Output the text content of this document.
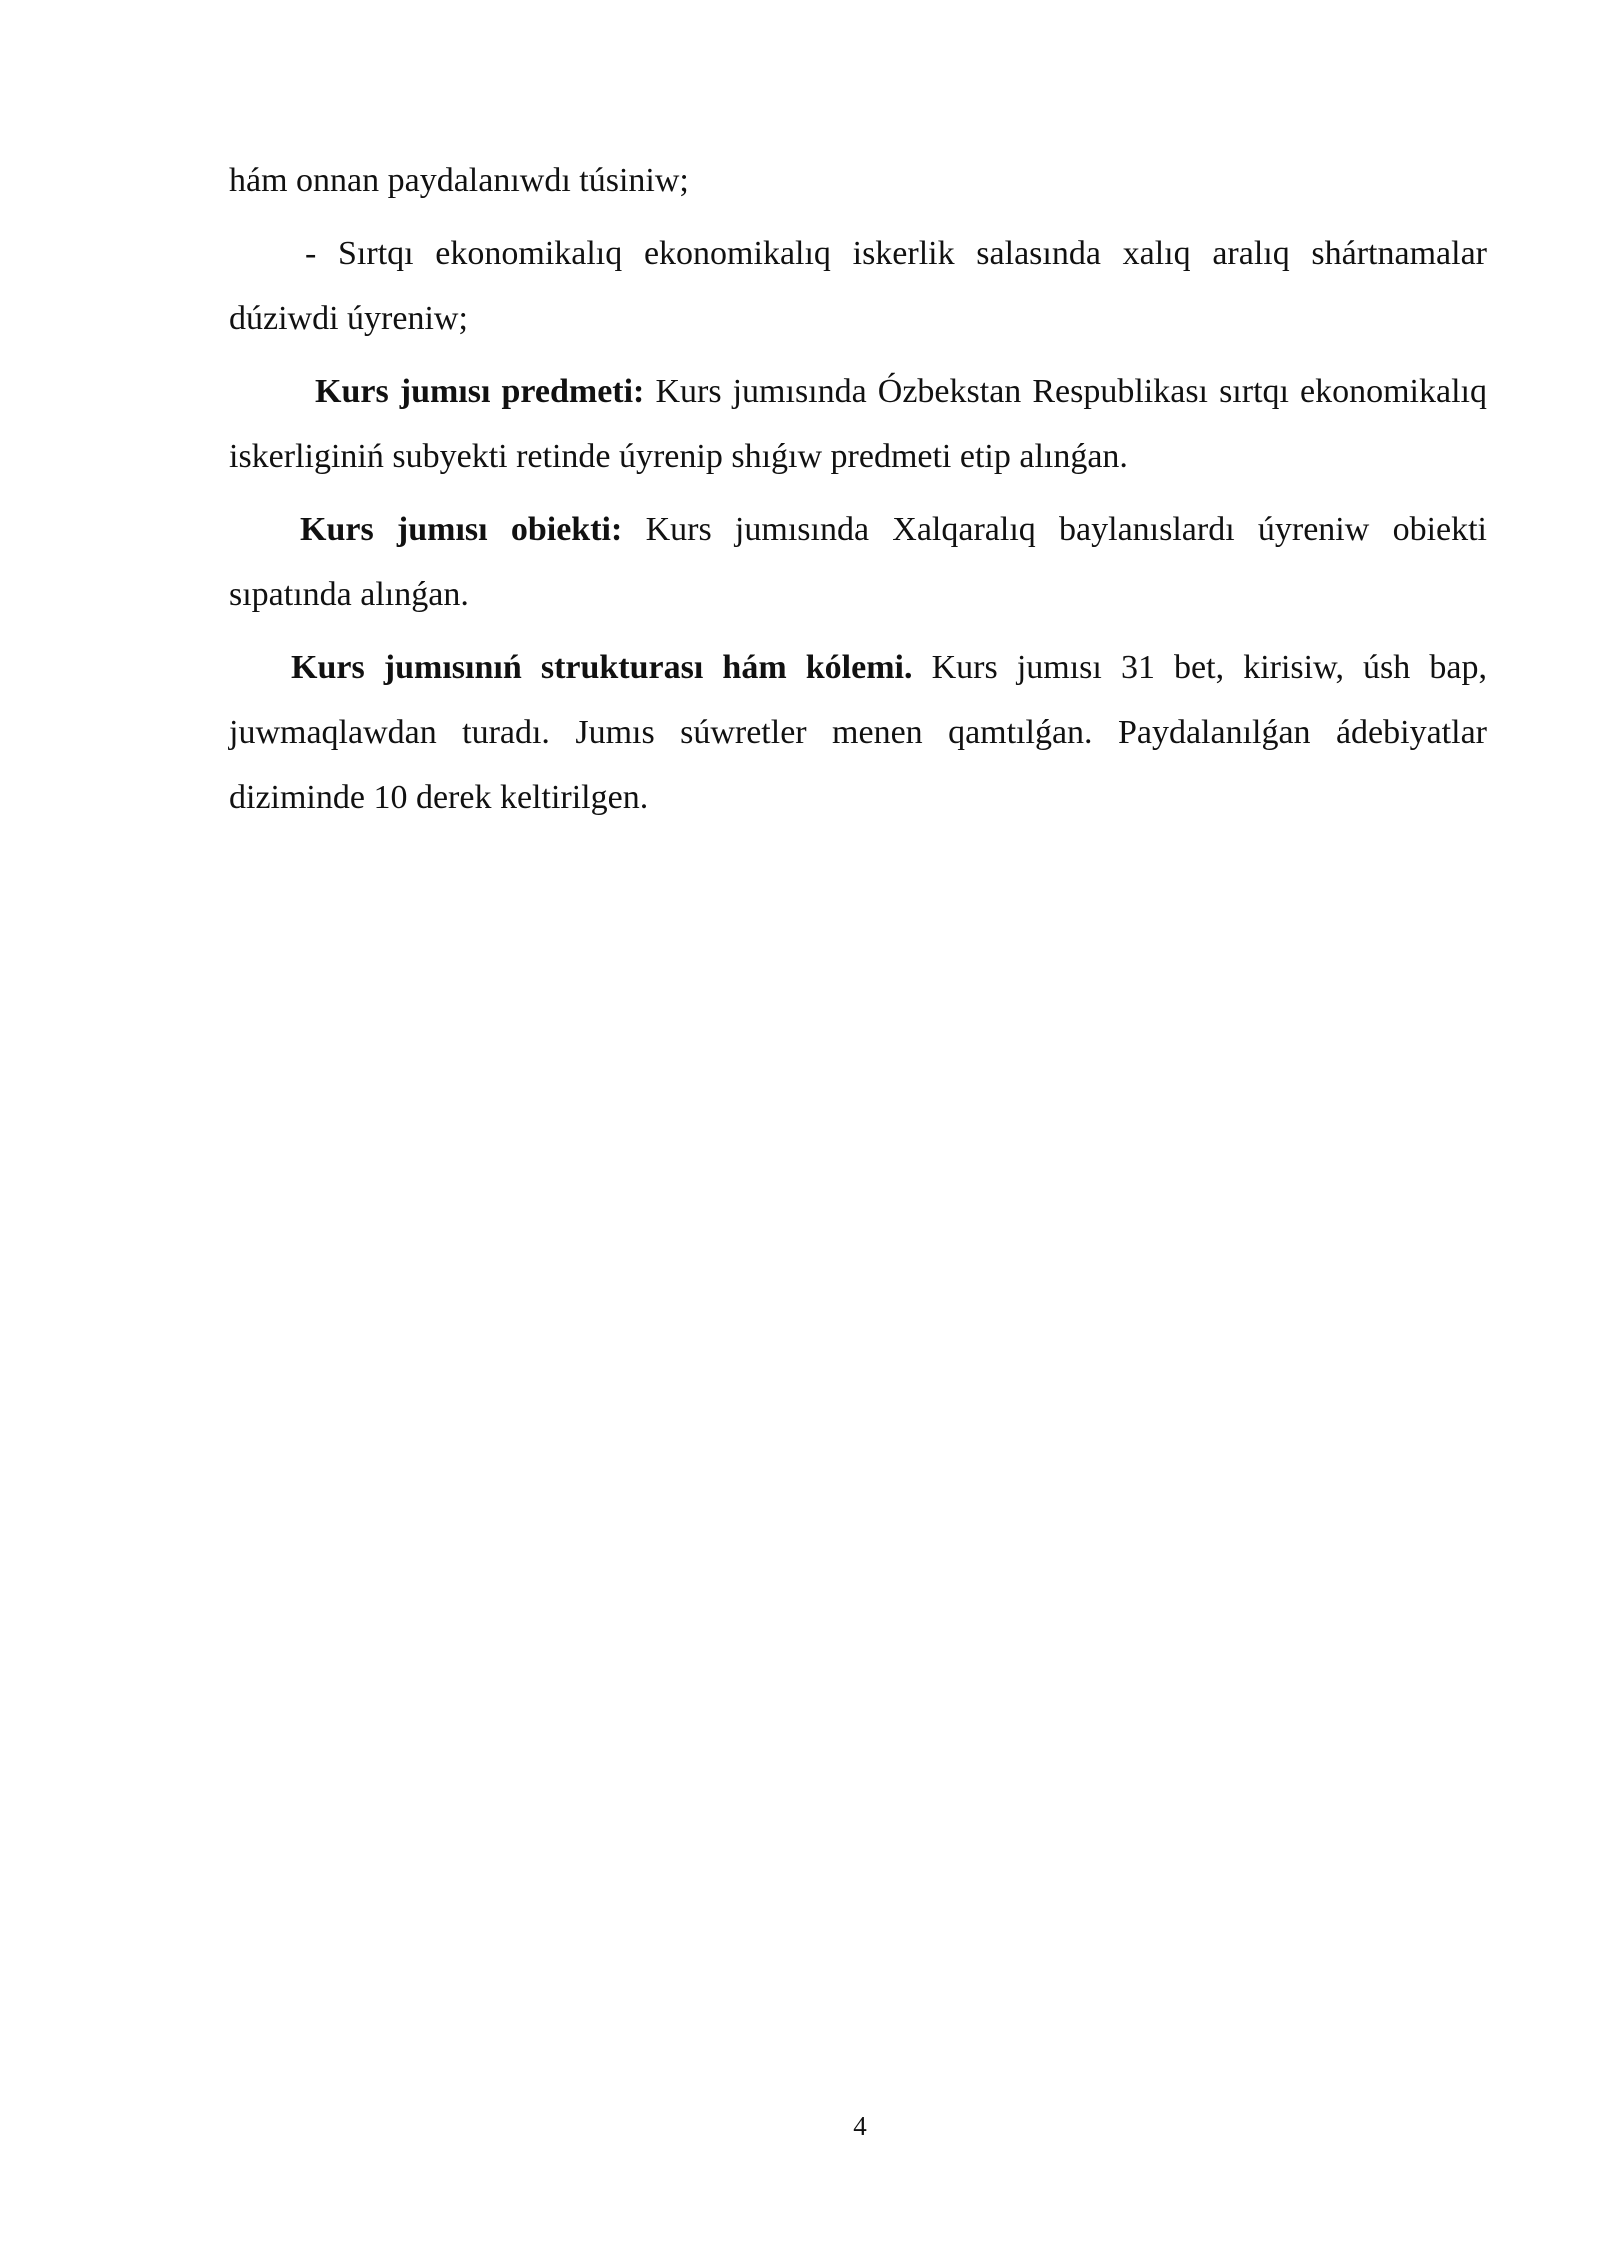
hám onnan paydalanıwdı túsiniw;

- Sırtqı ekonomikalıq ekonomikalıq iskerlik salasında xalıq aralıq shártnamalar dúziwdi úyreniw;

Kurs jumısı predmeti: Kurs jumısında Ózbekstan Respublikası sırtqı ekonomikalıq iskerliginiń subyekti retinde úyrenip shıǵıw predmeti etip alınǵan.

Kurs jumısı obiekti: Kurs jumısında Xalqaralıq baylanıslardı úyreniw obiekti sıpatında alınǵan.

Kurs jumısınıń strukturası hám kólemi. Kurs jumısı 31 bet, kirisiw, úsh bap, juwmaqlawdan turadı. Jumıs súwretler menen qamtılǵan. Paydalanılǵan ádebiyatlar diziminde 10 derek keltirilgen.

4
